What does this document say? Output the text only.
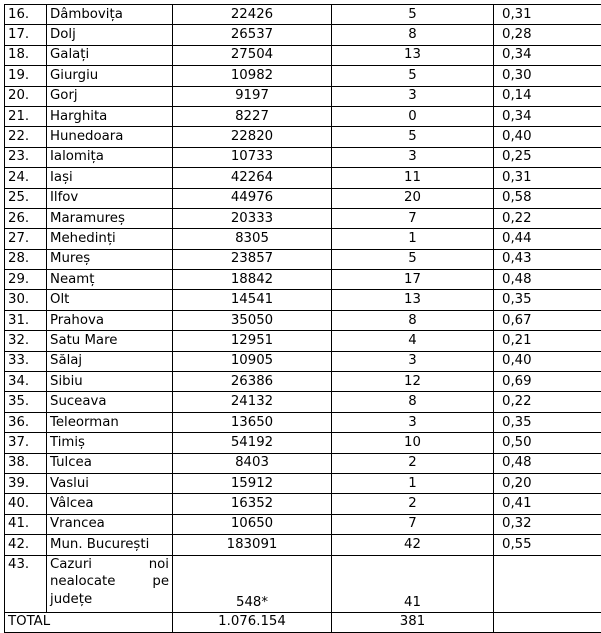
16.	Dâmbovița	22426	5	0,31
17.	Dolj	26537	8	0,28
18.	Galați	27504	13	0,34
19.	Giurgiu	10982	5	0,30
20.	Gorj	9197	3	0,14
21.	Harghita	8227	0	0,34
22.	Hunedoara	22820	5	0,40
23.	Ialomița	10733	3	0,25
24.	Iași	42264	11	0,31
25.	Ilfov	44976	20	0,58
26.	Maramureș	20333	7	0,22
27.	Mehedinți	8305	1	0,44
28.	Mureș	23857	5	0,43
29.	Neamț	18842	17	0,48
30.	Olt	14541	13	0,35
31.	Prahova	35050	8	0,67
32.	Satu Mare	12951	4	0,21
33.	Sălaj	10905	3	0,40
34.	Sibiu	26386	12	0,69
35.	Suceava	24132	8	0,22
36.	Teleorman	13650	3	0,35
37.	Timiș	54192	10	0,50
38.	Tulcea	8403	2	0,48
39.	Vaslui	15912	1	0,20
40.	Vâlcea	16352	2	0,41
41.	Vrancea	10650	7	0,32
42.	Mun. București	183091	42	0,55
43.	Cazuri noi
nealocate pe
județe	548*	41	
TOTAL		1.076.154	381	
